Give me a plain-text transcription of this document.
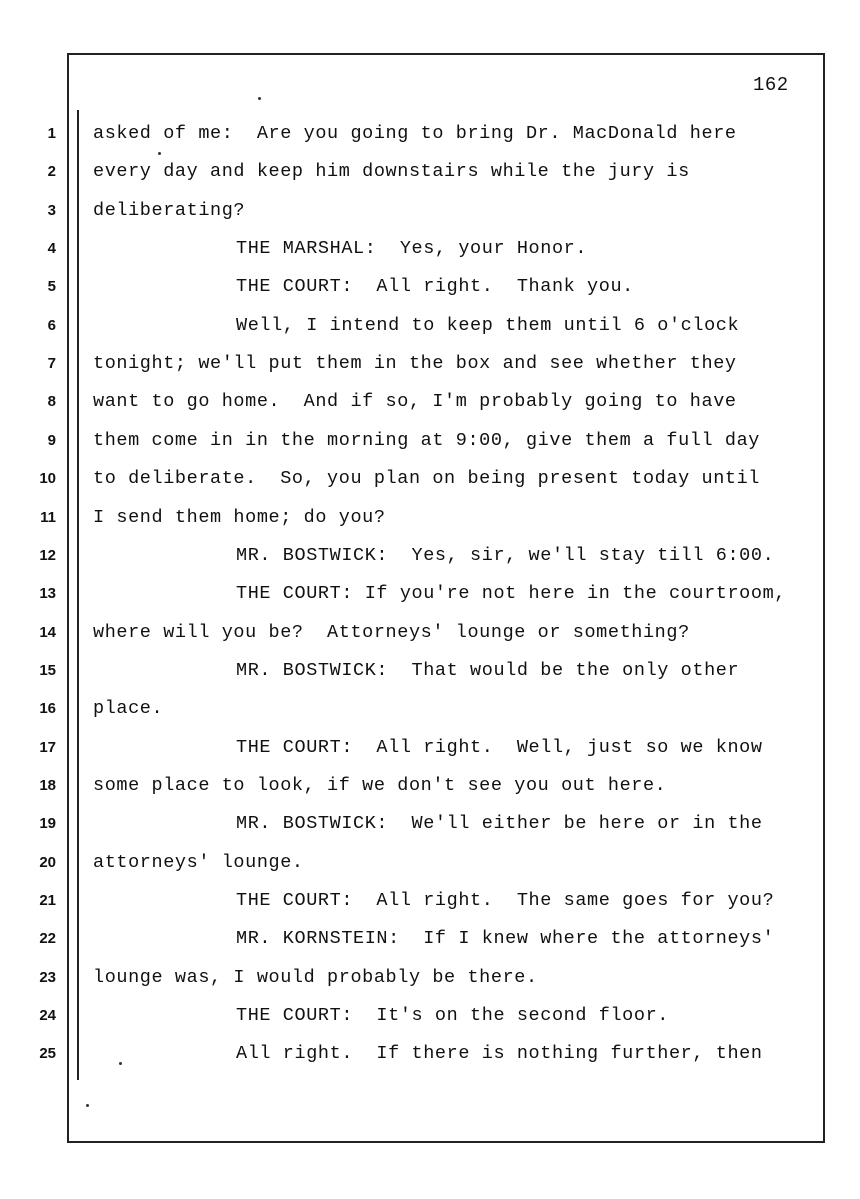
162
1
2
3
4
5
6
7
8
9
10
11
12
13
14
15
16
17
18
19
20
21
22
23
24
25
asked of me:  Are you going to bring Dr. MacDonald here
every day and keep him downstairs while the jury is
deliberating?
THE MARSHAL:  Yes, your Honor.
THE COURT:  All right.  Thank you.
Well, I intend to keep them until 6 o'clock
tonight; we'll put them in the box and see whether they
want to go home.  And if so, I'm probably going to have
them come in in the morning at 9:00, give them a full day
to deliberate.  So, you plan on being present today until
I send them home; do you?
MR. BOSTWICK:  Yes, sir, we'll stay till 6:00.
THE COURT: If you're not here in the courtroom,
where will you be?  Attorneys' lounge or something?
MR. BOSTWICK:  That would be the only other
place.
THE COURT:  All right.  Well, just so we know
some place to look, if we don't see you out here.
MR. BOSTWICK:  We'll either be here or in the
attorneys' lounge.
THE COURT:  All right.  The same goes for you?
MR. KORNSTEIN:  If I knew where the attorneys'
lounge was, I would probably be there.
THE COURT:  It's on the second floor.
All right.  If there is nothing further, then
